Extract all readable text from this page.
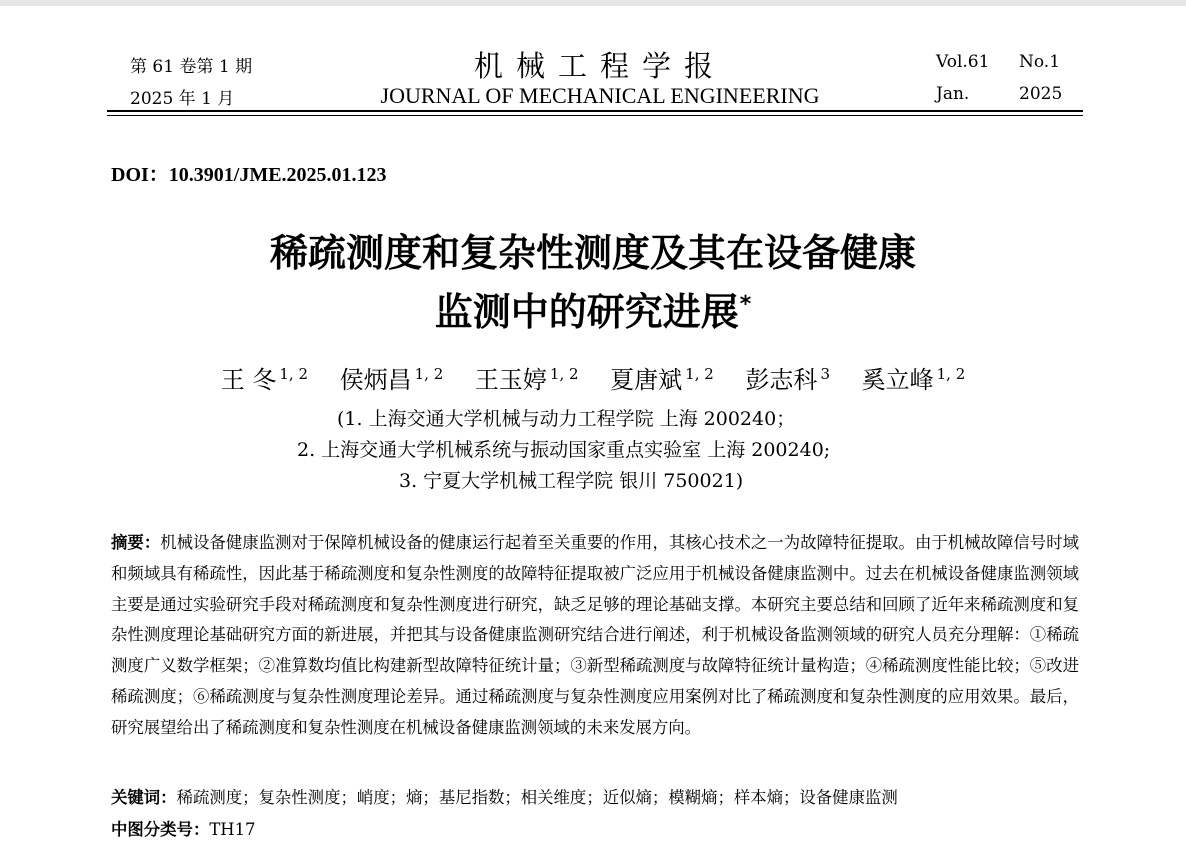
第 61 卷第 1 期
2025 年 1 月
机械工程学报
JOURNAL OF MECHANICAL ENGINEERING
Vol.61 No.1
Jan.	2025
DOI：10.3901/JME.2025.01.123
稀疏测度和复杂性测度及其在设备健康
监测中的研究进展*
王 冬 $^{1, 2}$ 侯炳昌 $^{1, 2}$ 王玉婷 $^{1, 2}$ 夏唐斌 $^{1, 2}$ 彭志科 $^3$ 奚立峰 $^{1, 2}$
(1. 上海交通大学机械与动力工程学院 上海 200240；
2. 上海交通大学机械系统与振动国家重点实验室 上海 200240;
3. 宁夏大学机械工程学院 银川 750021)
摘要：机械设备健康监测对于保障机械设备的健康运行起着至关重要的作用，其核心技术之一为故障特征提取。由于机械故障信号时域和频域具有稀疏性，因此基于稀疏测度和复杂性测度的故障特征提取被广泛应用于机械设备健康监测中。过去在机械设备健康监测领域主要是通过实验研究手段对稀疏测度和复杂性测度进行研究，缺乏足够的理论基础支撑。本研究主要总结和回顾了近年来稀疏测度和复杂性测度理论基础研究方面的新进展，并把其与设备健康监测研究结合进行阐述，利于机械设备监测领域的研究人员充分理解：①稀疏测度广义数学框架；②准算数均值比构建新型故障特征统计量；③新型稀疏测度与故障特征统计量构造；④稀疏测度性能比较；⑤改进稀疏测度；⑥稀疏测度与复杂性测度理论差异。通过稀疏测度与复杂性测度应用案例对比了稀疏测度和复杂性测度的应用效果。最后，研究展望给出了稀疏测度和复杂性测度在机械设备健康监测领域的未来发展方向。
关键词：稀疏测度；复杂性测度；峭度；熵；基尼指数；相关维度；近似熵；模糊熵；样本熵；设备健康监测
中图分类号：TH17
